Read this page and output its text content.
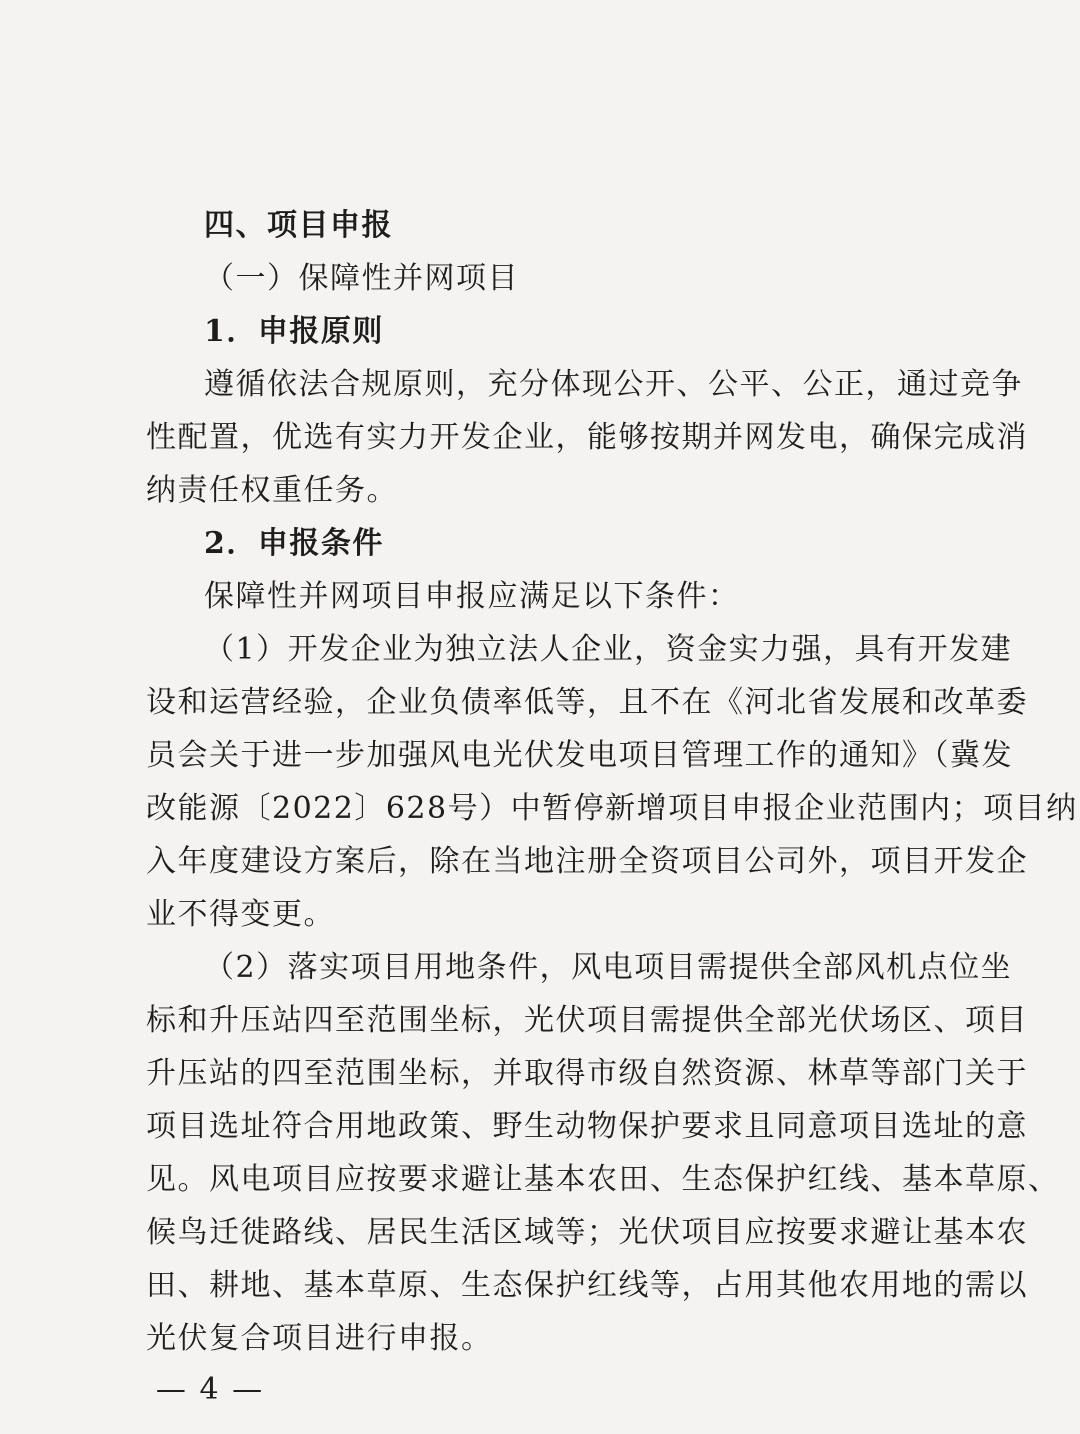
四、项目申报
（一）保障性并网项目
1．申报原则
遵循依法合规原则，充分体现公开、公平、公正，通过竞争
性配置，优选有实力开发企业，能够按期并网发电，确保完成消
纳责任权重任务。
2．申报条件
保障性并网项目申报应满足以下条件：
（1）开发企业为独立法人企业，资金实力强，具有开发建
设和运营经验，企业负债率低等，且不在《河北省发展和改革委
员会关于进一步加强风电光伏发电项目管理工作的通知》（冀发
改能源〔2022〕628号）中暂停新增项目申报企业范围内；项目纳
入年度建设方案后，除在当地注册全资项目公司外，项目开发企
业不得变更。
（2）落实项目用地条件，风电项目需提供全部风机点位坐
标和升压站四至范围坐标，光伏项目需提供全部光伏场区、项目
升压站的四至范围坐标，并取得市级自然资源、林草等部门关于
项目选址符合用地政策、野生动物保护要求且同意项目选址的意
见。风电项目应按要求避让基本农田、生态保护红线、基本草原、
候鸟迁徙路线、居民生活区域等；光伏项目应按要求避让基本农
田、耕地、基本草原、生态保护红线等，占用其他农用地的需以
光伏复合项目进行申报。
— 4 —
